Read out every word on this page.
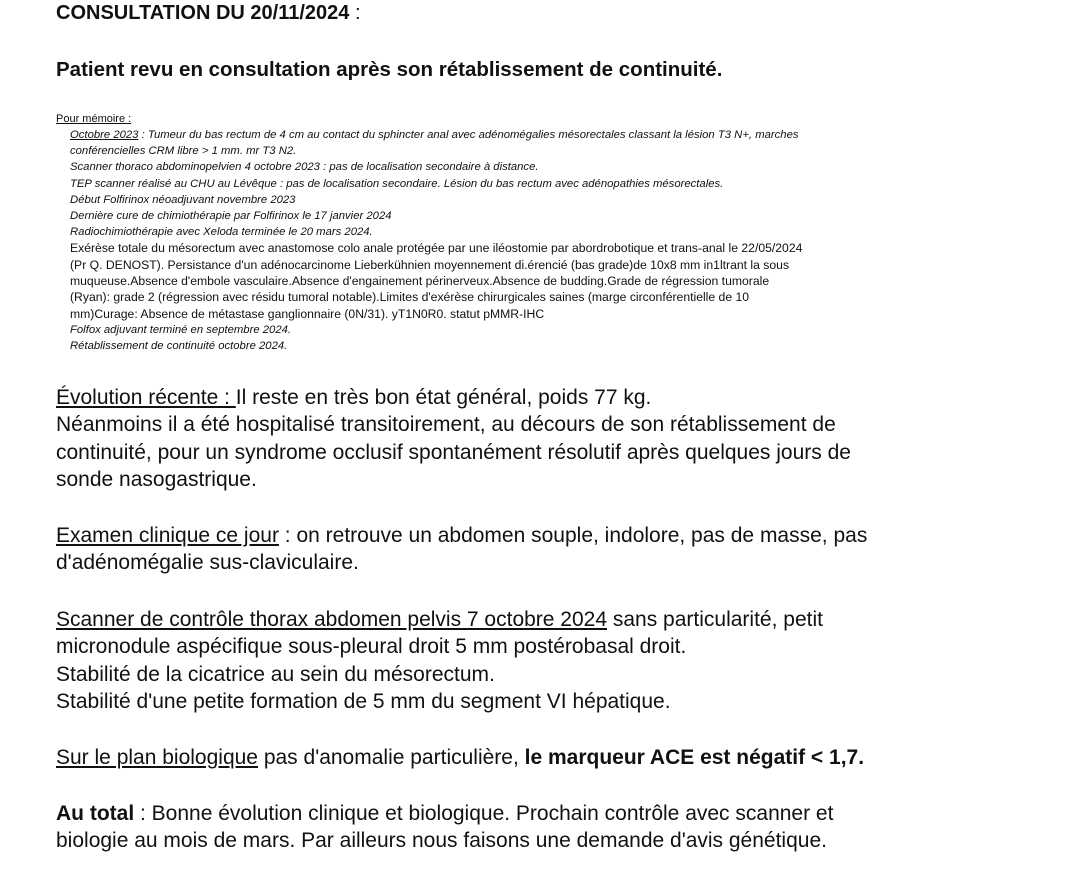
CONSULTATION DU 20/11/2024 :
Patient revu en consultation après son rétablissement de continuité.
Pour mémoire :
Octobre 2023 : Tumeur du bas rectum de 4 cm au contact du sphincter anal avec adénomégalies mésorectales classant la lésion T3 N+, marches
conférencielles CRM libre > 1 mm. mr T3 N2.
Scanner thoraco abdominopelvien 4 octobre 2023 : pas de localisation secondaire à distance.
TEP scanner réalisé au CHU au Lévêque : pas de localisation secondaire. Lésion du bas rectum avec adénopathies mésorectales.
Début Folfirinox néoadjuvant novembre 2023
Dernière cure de chimiothérapie par Folfirinox le 17 janvier 2024
Radiochimiothérapie avec Xeloda terminée le 20 mars 2024.
Exérèse totale du mésorectum avec anastomose colo anale protégée par une iléostomie par abordrobotique et trans-anal le 22/05/2024
(Pr Q. DENOST). Persistance d'un adénocarcinome Lieberkühnien moyennement di.érencié (bas grade)de 10x8 mm in1ltrant la sous
muqueuse.Absence d'embole vasculaire.Absence d'engainement périnerveux.Absence de budding.Grade de régression tumorale
(Ryan): grade 2 (régression avec résidu tumoral notable).Limites d'exérèse chirurgicales saines (marge circonférentielle de 10
mm)Curage: Absence de métastase ganglionnaire (0N/31). yT1N0R0. statut pMMR-IHC
Folfox adjuvant terminé en septembre 2024.
Rétablissement de continuité octobre 2024.
Évolution récente : Il reste en très bon état général, poids 77 kg.
Néanmoins il a été hospitalisé transitoirement, au décours de son rétablissement de
continuité, pour un syndrome occlusif spontanément résolutif après quelques jours de
sonde nasogastrique.
Examen clinique ce jour : on retrouve un abdomen souple, indolore, pas de masse, pas
d'adénomégalie sus-claviculaire.
Scanner de contrôle thorax abdomen pelvis 7 octobre 2024 sans particularité, petit
micronodule aspécifique sous-pleural droit 5 mm postérobasal droit.
Stabilité de la cicatrice au sein du mésorectum.
Stabilité d'une petite formation de 5 mm du segment VI hépatique.
Sur le plan biologique pas d'anomalie particulière, le marqueur ACE est négatif < 1,7.
Au total : Bonne évolution clinique et biologique. Prochain contrôle avec scanner et
biologie au mois de mars. Par ailleurs nous faisons une demande d'avis génétique.
